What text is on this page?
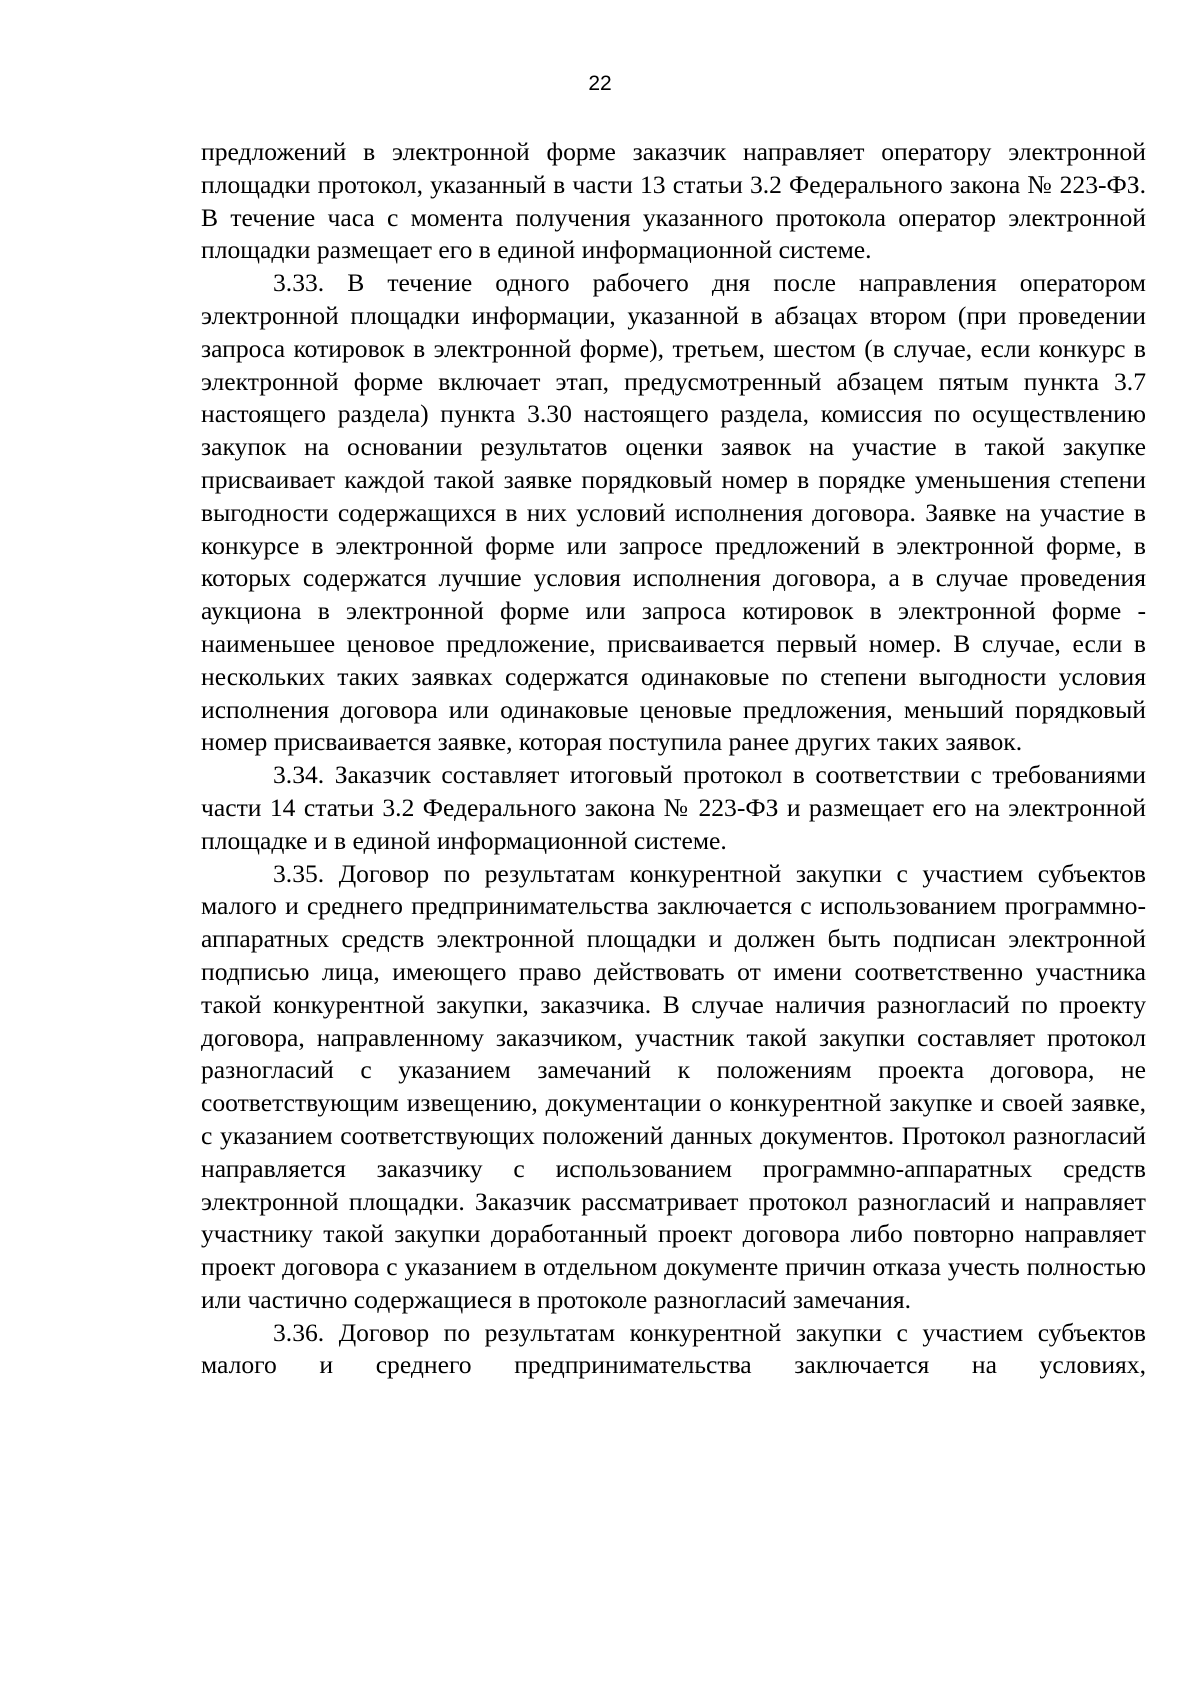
22

предложений в электронной форме заказчик направляет оператору электронной площадки протокол, указанный в части 13 статьи 3.2 Федерального закона № 223-ФЗ. В течение часа с момента получения указанного протокола оператор электронной площадки размещает его в единой информационной системе.

3.33. В течение одного рабочего дня после направления оператором электронной площадки информации, указанной в абзацах втором (при проведении запроса котировок в электронной форме), третьем, шестом (в случае, если конкурс в электронной форме включает этап, предусмотренный абзацем пятым пункта 3.7 настоящего раздела) пункта 3.30 настоящего раздела, комиссия по осуществлению закупок на основании результатов оценки заявок на участие в такой закупке присваивает каждой такой заявке порядковый номер в порядке уменьшения степени выгодности содержащихся в них условий исполнения договора. Заявке на участие в конкурсе в электронной форме или запросе предложений в электронной форме, в которых содержатся лучшие условия исполнения договора, а в случае проведения аукциона в электронной форме или запроса котировок в электронной форме - наименьшее ценовое предложение, присваивается первый номер. В случае, если в нескольких таких заявках содержатся одинаковые по степени выгодности условия исполнения договора или одинаковые ценовые предложения, меньший порядковый номер присваивается заявке, которая поступила ранее других таких заявок.

3.34. Заказчик составляет итоговый протокол в соответствии с требованиями части 14 статьи 3.2 Федерального закона № 223-ФЗ и размещает его на электронной площадке и в единой информационной системе.

3.35. Договор по результатам конкурентной закупки с участием субъектов малого и среднего предпринимательства заключается с использованием программно-аппаратных средств электронной площадки и должен быть подписан электронной подписью лица, имеющего право действовать от имени соответственно участника такой конкурентной закупки, заказчика. В случае наличия разногласий по проекту договора, направленному заказчиком, участник такой закупки составляет протокол разногласий с указанием замечаний к положениям проекта договора, не соответствующим извещению, документации о конкурентной закупке и своей заявке, с указанием соответствующих положений данных документов. Протокол разногласий направляется заказчику с использованием программно-аппаратных средств электронной площадки. Заказчик рассматривает протокол разногласий и направляет участнику такой закупки доработанный проект договора либо повторно направляет проект договора с указанием в отдельном документе причин отказа учесть полностью или частично содержащиеся в протоколе разногласий замечания.

3.36. Договор по результатам конкурентной закупки с участием субъектов малого и среднего предпринимательства заключается на условиях,
